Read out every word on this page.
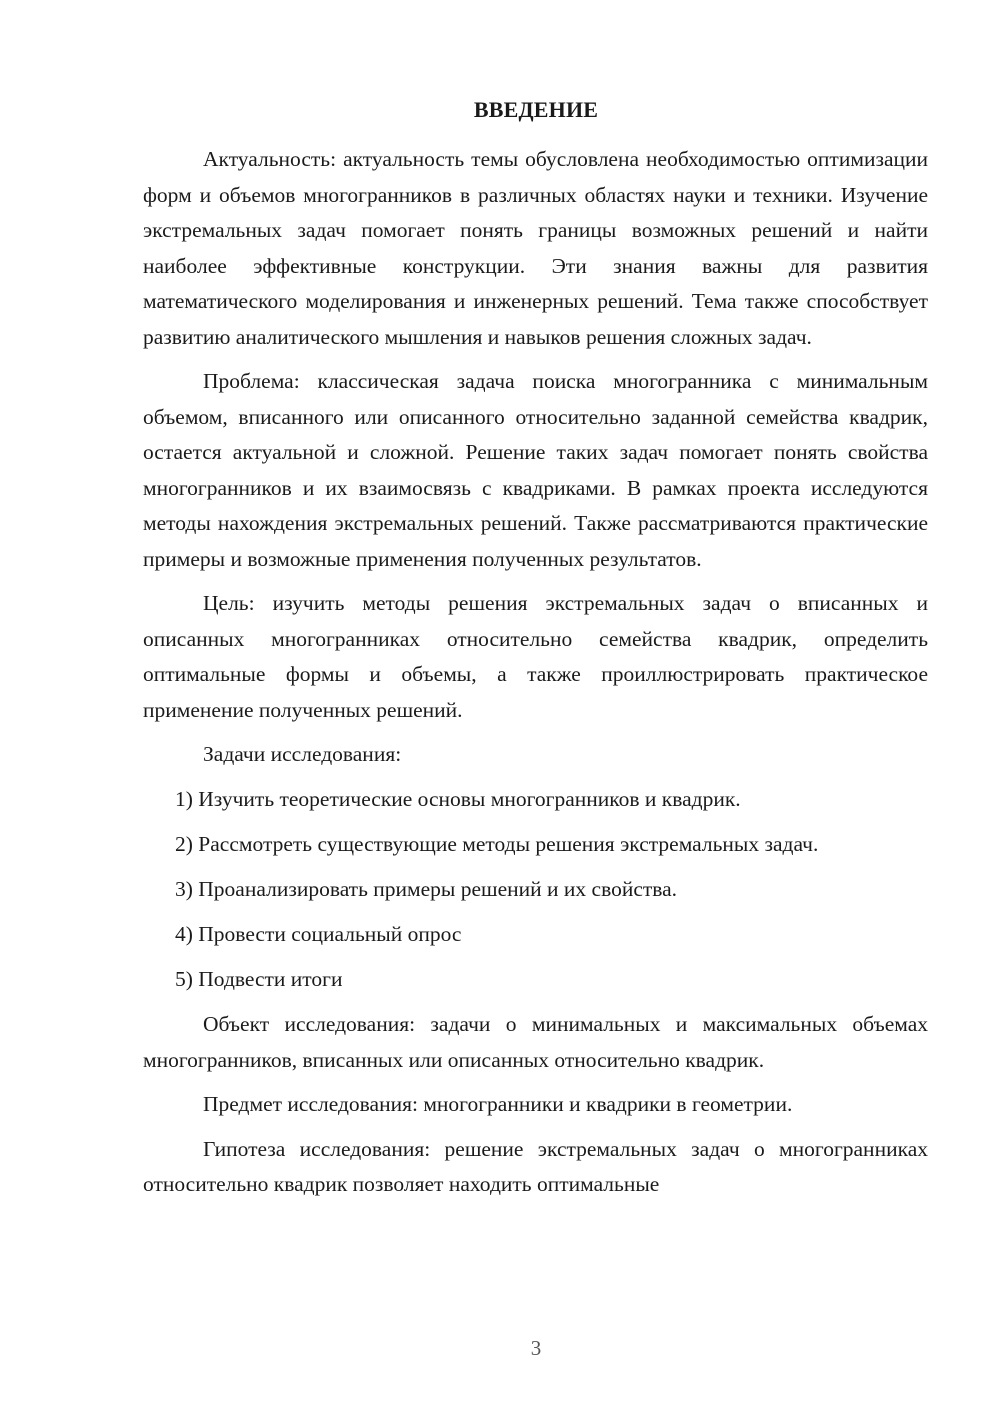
ВВЕДЕНИЕ

Актуальность: актуальность темы обусловлена необходимостью оптимизации форм и объемов многогранников в различных областях науки и техники. Изучение экстремальных задач помогает понять границы возможных решений и найти наиболее эффективные конструкции. Эти знания важны для развития математического моделирования и инженерных решений. Тема также способствует развитию аналитического мышления и навыков решения сложных задач.

Проблема: классическая задача поиска многогранника с минимальным объемом, вписанного или описанного относительно заданной семейства квадрик, остается актуальной и сложной. Решение таких задач помогает понять свойства многогранников и их взаимосвязь с квадриками. В рамках проекта исследуются методы нахождения экстремальных решений. Также рассматриваются практические примеры и возможные применения полученных результатов.

Цель: изучить методы решения экстремальных задач о вписанных и описанных многогранниках относительно семейства квадрик, определить оптимальные формы и объемы, а также проиллюстрировать практическое применение полученных решений.

Задачи исследования:

1) Изучить теоретические основы многогранников и квадрик.
2) Рассмотреть существующие методы решения экстремальных задач.
3) Проанализировать примеры решений и их свойства.
4) Провести социальный опрос
5) Подвести итоги

Объект исследования: задачи о минимальных и максимальных объемах многогранников, вписанных или описанных относительно квадрик.

Предмет исследования: многогранники и квадрики в геометрии.

Гипотеза исследования: решение экстремальных задач о многогранниках относительно квадрик позволяет находить оптимальные

3
